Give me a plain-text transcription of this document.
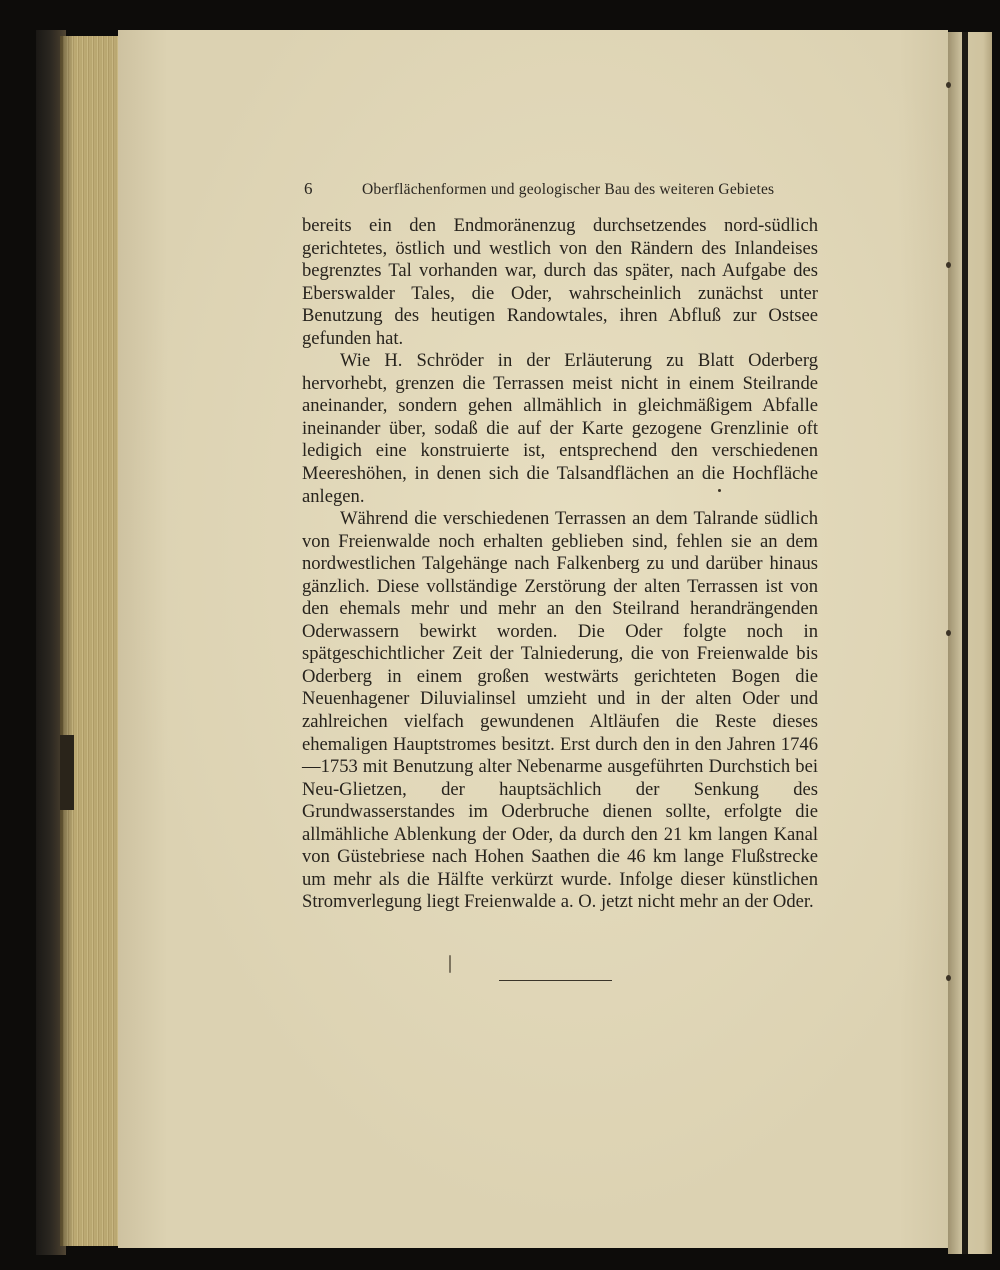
6	Oberflächenformen und geologischer Bau des weiteren Gebietes

bereits ein den Endmoränenzug durchsetzendes nord-südlich gerichtetes, östlich und westlich von den Rändern des Inlandeises begrenztes Tal vorhanden war, durch das später, nach Aufgabe des Eberswalder Tales, die Oder, wahrscheinlich zunächst unter Benutzung des heutigen Randowtales, ihren Abfluß zur Ostsee gefunden hat.

Wie H. Schröder in der Erläuterung zu Blatt Oderberg hervorhebt, grenzen die Terrassen meist nicht in einem Steilrande aneinander, sondern gehen allmählich in gleichmäßigem Abfalle ineinander über, sodaß die auf der Karte gezogene Grenzlinie oft ledigich eine konstruierte ist, entsprechend den verschiedenen Meereshöhen, in denen sich die Talsandflächen an die Hochfläche anlegen.

Während die verschiedenen Terrassen an dem Talrande südlich von Freienwalde noch erhalten geblieben sind, fehlen sie an dem nordwestlichen Talgehänge nach Falkenberg zu und darüber hinaus gänzlich. Diese vollständige Zerstörung der alten Terrassen ist von den ehemals mehr und mehr an den Steilrand herandrängenden Oderwassern bewirkt worden. Die Oder folgte noch in spätgeschichtlicher Zeit der Talniederung, die von Freienwalde bis Oderberg in einem großen westwärts gerichteten Bogen die Neuenhagener Diluvialinsel umzieht und in der alten Oder und zahlreichen vielfach gewundenen Altläufen die Reste dieses ehemaligen Hauptstromes besitzt. Erst durch den in den Jahren 1746—1753 mit Benutzung alter Nebenarme ausgeführten Durchstich bei Neu-Glietzen, der hauptsächlich der Senkung des Grundwasserstandes im Oderbruche dienen sollte, erfolgte die allmähliche Ablenkung der Oder, da durch den 21 km langen Kanal von Güstebriese nach Hohen Saathen die 46 km lange Flußstrecke um mehr als die Hälfte verkürzt wurde. Infolge dieser künstlichen Stromverlegung liegt Freienwalde a. O. jetzt nicht mehr an der Oder.
